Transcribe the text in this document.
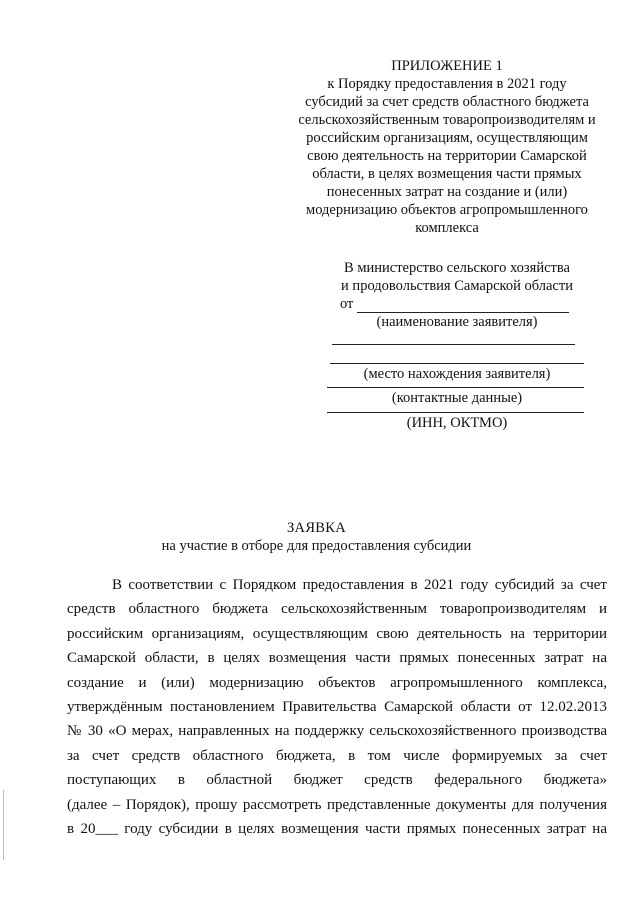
ПРИЛОЖЕНИЕ 1
к Порядку предоставления в 2021 году
субсидий за счет средств областного бюджета
сельскохозяйственным товаропроизводителям и
российским организациям, осуществляющим
свою деятельность на территории Самарской
области, в целях возмещения части прямых
понесенных затрат на создание и (или)
модернизацию объектов агропромышленного
комплекса
В министерство сельского хозяйства
и продовольствия Самарской области
от
(наименование заявителя)
(место нахождения заявителя)
(контактные данные)
(ИНН, ОКТМО)
ЗАЯВКА
на участие в отборе для предоставления субсидии
В соответствии с Порядком предоставления в 2021 году субсидий за счет
средств областного бюджета сельскохозяйственным товаропроизводителям и
российским организациям, осуществляющим свою деятельность на территории
Самарской области, в целях возмещения части прямых понесенных затрат на
создание и (или) модернизацию объектов агропромышленного комплекса,
утверждённым постановлением Правительства Самарской области от 12.02.2013
№ 30 «О мерах, направленных на поддержку сельскохозяйственного производства
за счет средств областного бюджета, в том числе формируемых за счет
поступающих в областной бюджет средств федерального бюджета»
(далее – Порядок), прошу рассмотреть представленные документы для получения
в 20___ году субсидии в целях возмещения части прямых понесенных затрат на
